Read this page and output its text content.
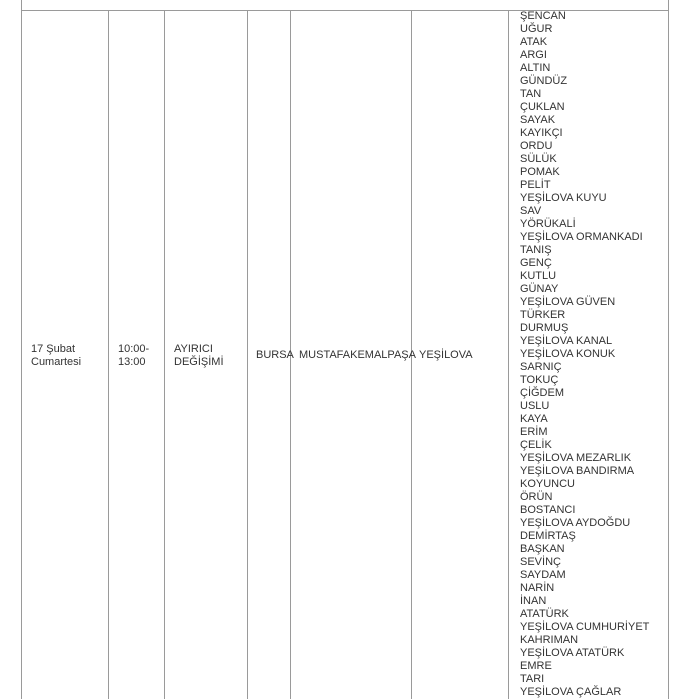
17 Şubat
Cumartesi
10:00-
13:00
AYIRICI
DEĞİŞİMİ
BURSA MUSTAFAKEMALPAŞA YEŞİLOVA
ŞENCAN
UĞUR
ATAK
ARGI
ALTIN
GÜNDÜZ
TAN
ÇUKLAN
SAYAK
KAYIKÇI
ORDU
SÜLÜK
POMAK
PELİT
YEŞİLOVA KUYU
SAV
YÖRÜKALİ
YEŞİLOVA ORMANKADI
TANIŞ
GENÇ
KUTLU
GÜNAY
YEŞİLOVA GÜVEN
TÜRKER
DURMUŞ
YEŞİLOVA KANAL
YEŞİLOVA KONUK
SARNIÇ
TOKUÇ
ÇİĞDEM
USLU
KAYA
ERİM
ÇELİK
YEŞİLOVA MEZARLIK
YEŞİLOVA BANDIRMA
KOYUNCU
ÖRÜN
BOSTANCI
YEŞİLOVA AYDOĞDU
DEMİRTAŞ
BAŞKAN
SEVİNÇ
SAYDAM
NARİN
İNAN
ATATÜRK
YEŞİLOVA CUMHURİYET
KAHRIMAN
YEŞİLOVA ATATÜRK
EMRE
TARI
YEŞİLOVA ÇAĞLAR
